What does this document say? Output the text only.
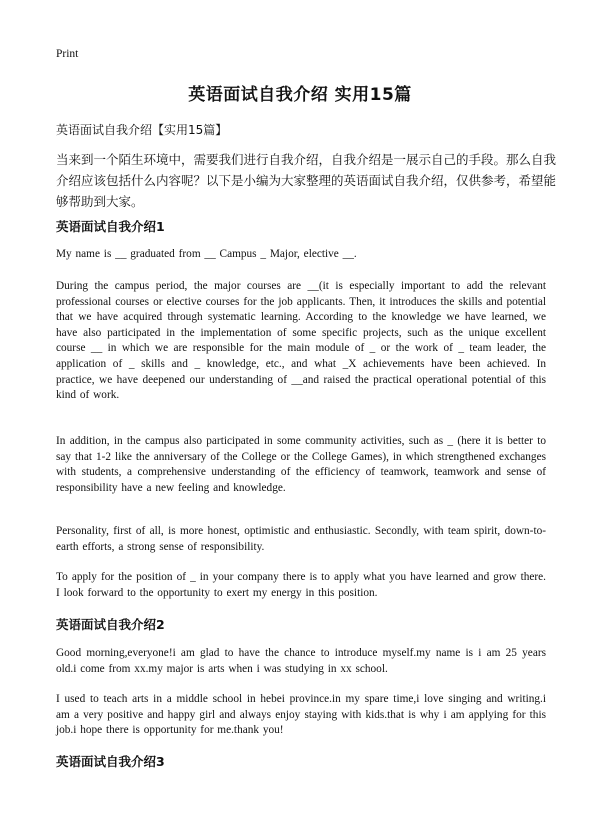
Print
英语面试自我介绍 实用15篇
英语面试自我介绍【实用15篇】
当来到一个陌生环境中，需要我们进行自我介绍，自我介绍是一展示自己的手段。那么自我介绍应该包括什么内容呢？以下是小编为大家整理的英语面试自我介绍，仅供参考，希望能够帮助到大家。
英语面试自我介绍1
My name is __ graduated from __ Campus _ Major, elective __.
During the campus period, the major courses are __(it is especially important to add the relevant professional courses or elective courses for the job applicants. Then, it introduces the skills and potential that we have acquired through systematic learning. According to the knowledge we have learned, we have also participated in the implementation of some specific projects, such as the unique excellent course __ in which we are responsible for the main module of _ or the work of _ team leader, the application of _ skills and _ knowledge, etc., and what _X achievements have been achieved. In practice, we have deepened our understanding of __and raised the practical operational potential of this kind of work.
In addition, in the campus also participated in some community activities, such as _ (here it is better to say that 1-2 like the anniversary of the College or the College Games), in which strengthened exchanges with students, a comprehensive understanding of the efficiency of teamwork, teamwork and sense of responsibility have a new feeling and knowledge.
Personality, first of all, is more honest, optimistic and enthusiastic. Secondly, with team spirit, down-to-earth efforts, a strong sense of responsibility.
To apply for the position of _ in your company there is to apply what you have learned and grow there. I look forward to the opportunity to exert my energy in this position.
英语面试自我介绍2
Good morning,everyone!i am glad to have the chance to introduce myself.my name is i am 25 years old.i come from xx.my major is arts when i was studying in xx school.
I used to teach arts in a middle school in hebei province.in my spare time,i love singing and writing.i am a very positive and happy girl and always enjoy staying with kids.that is why i am applying for this job.i hope there is opportunity for me.thank you!
英语面试自我介绍3
